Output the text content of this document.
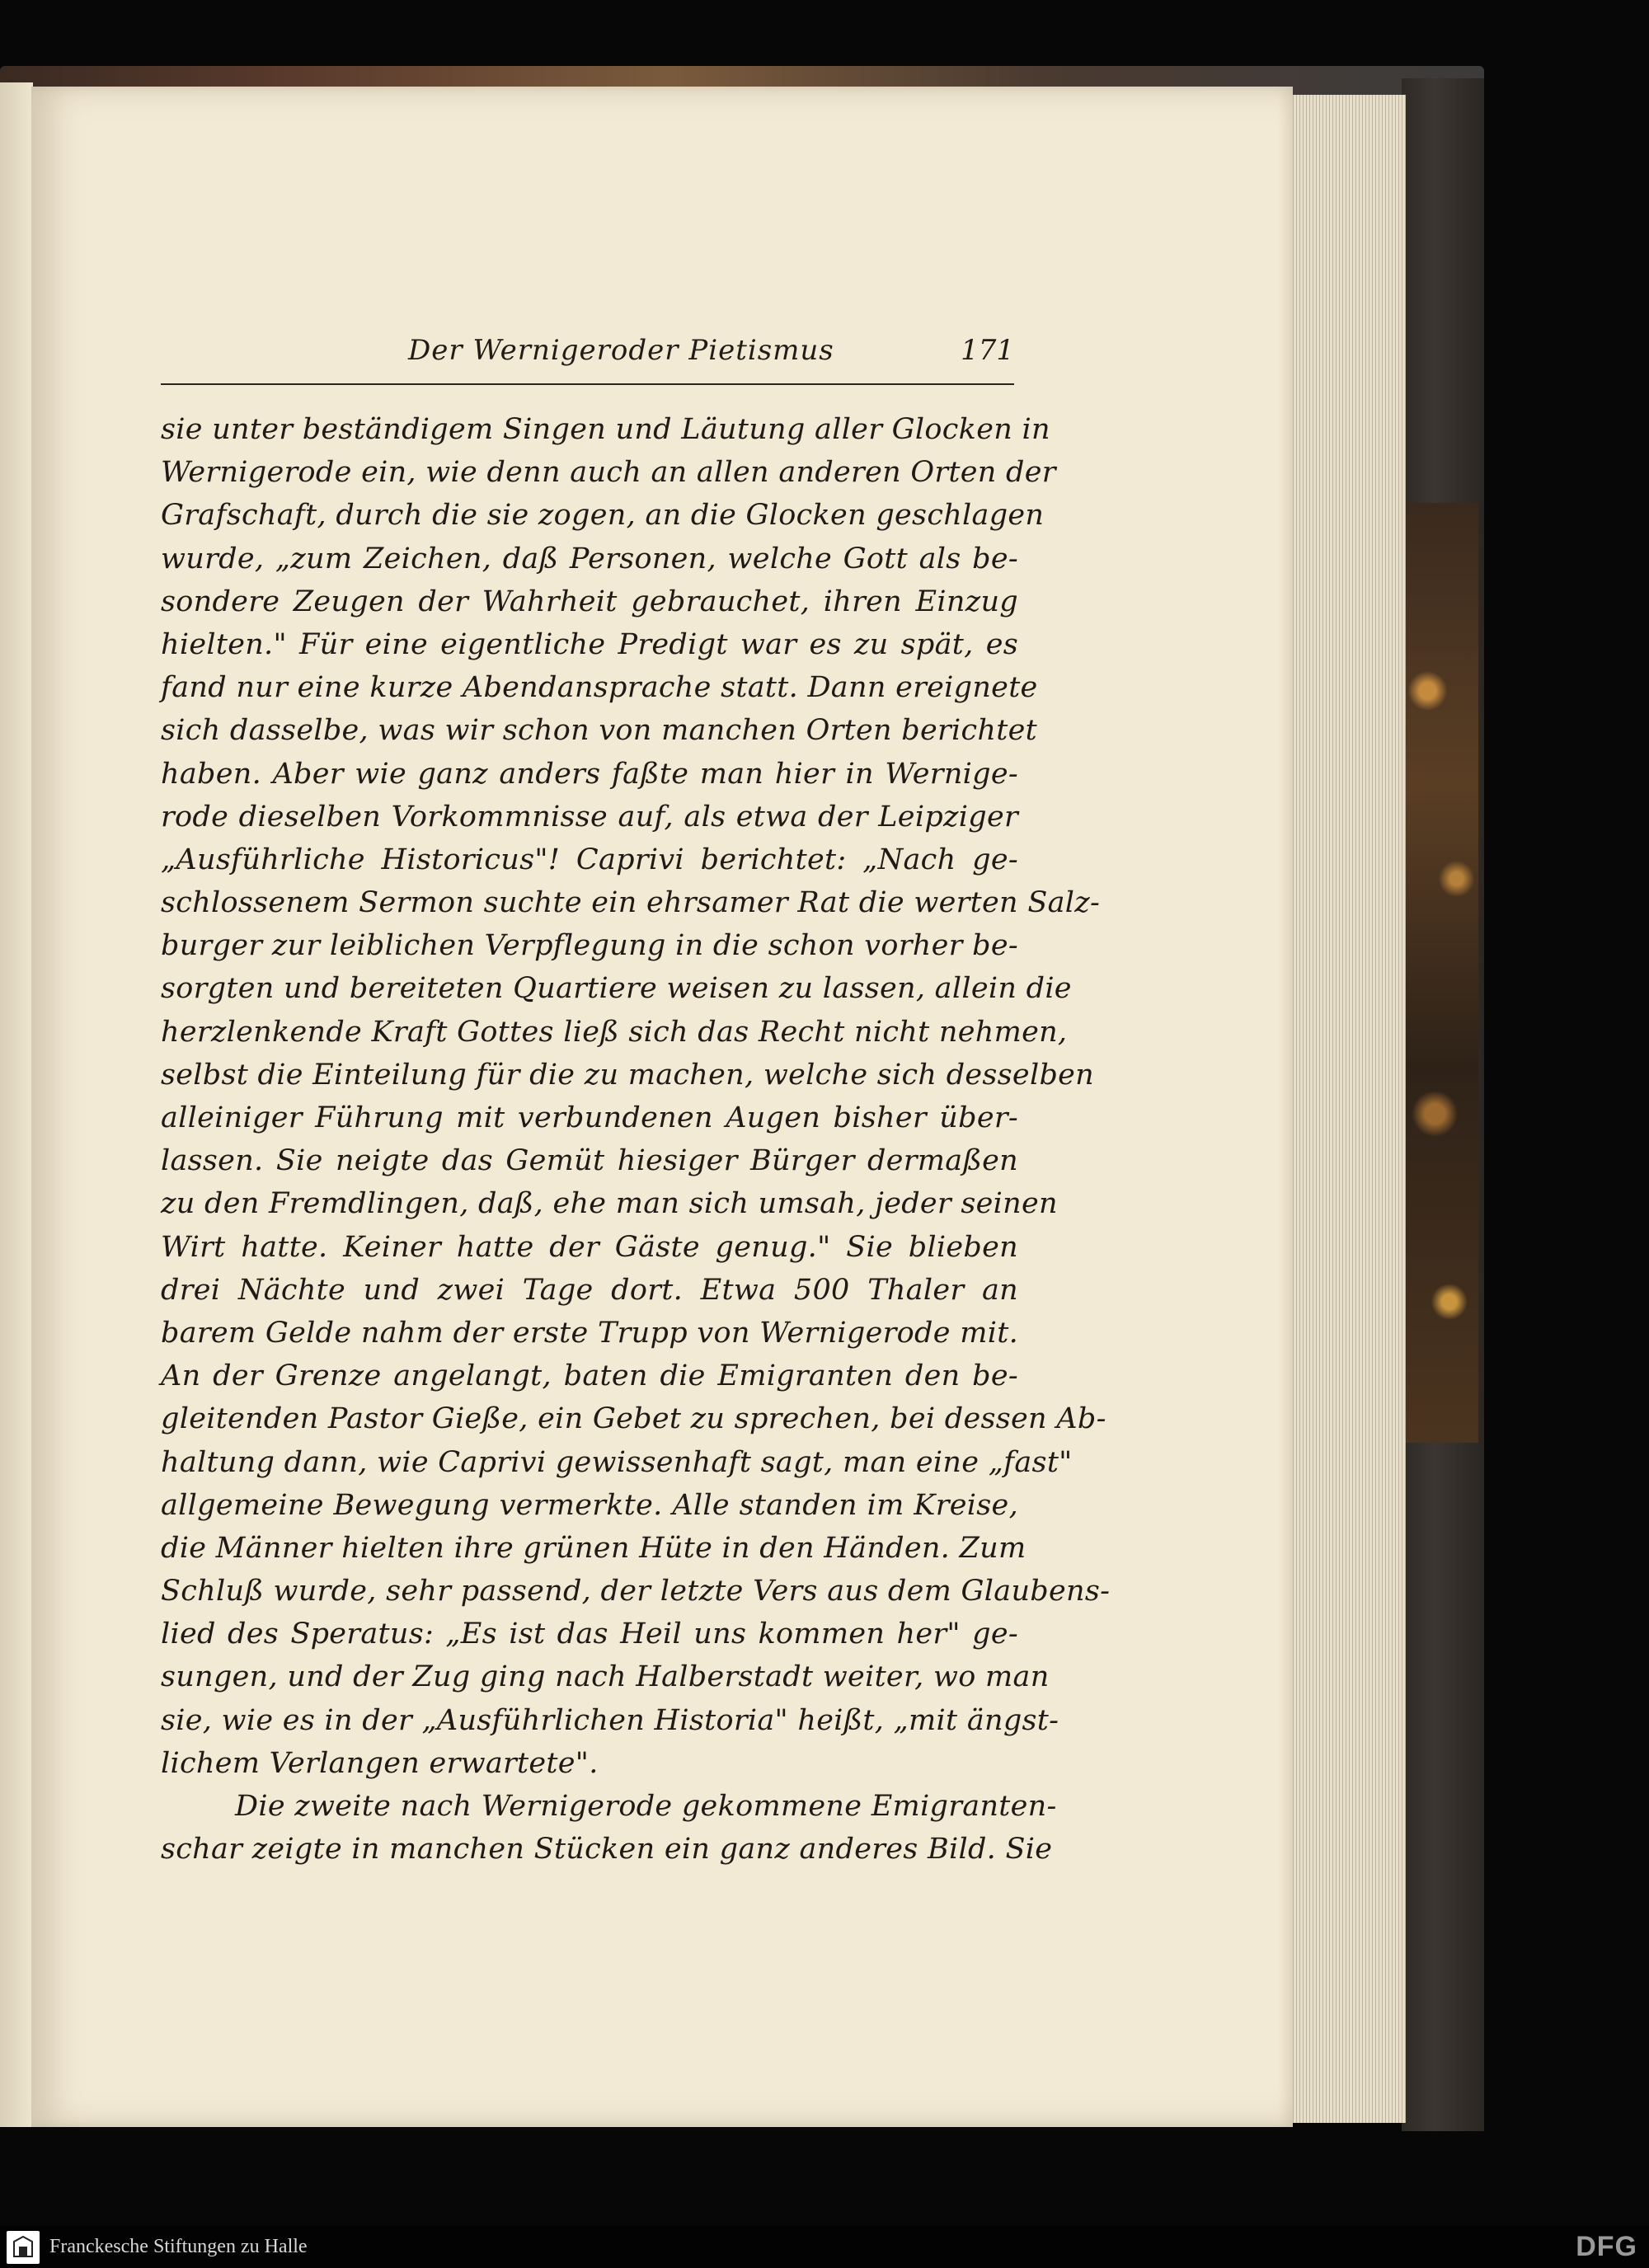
Der Wernigeroder Pietismus	171
sie unter beständigem Singen und Läutung aller Glocken in
Wernigerode ein, wie denn auch an allen anderen Orten der
Grafschaft, durch die sie zogen, an die Glocken geschlagen
wurde, „zum Zeichen, daß Personen, welche Gott als be-
sondere Zeugen der Wahrheit gebrauchet, ihren Einzug
hielten." Für eine eigentliche Predigt war es zu spät, es
fand nur eine kurze Abendansprache statt. Dann ereignete
sich dasselbe, was wir schon von manchen Orten berichtet
haben. Aber wie ganz anders faßte man hier in Wernige-
rode dieselben Vorkommnisse auf, als etwa der Leipziger
„Ausführliche Historicus"! Caprivi berichtet: „Nach ge-
schlossenem Sermon suchte ein ehrsamer Rat die werten Salz-
burger zur leiblichen Verpflegung in die schon vorher be-
sorgten und bereiteten Quartiere weisen zu lassen, allein die
herzlenkende Kraft Gottes ließ sich das Recht nicht nehmen,
selbst die Einteilung für die zu machen, welche sich desselben
alleiniger Führung mit verbundenen Augen bisher über-
lassen. Sie neigte das Gemüt hiesiger Bürger dermaßen
zu den Fremdlingen, daß, ehe man sich umsah, jeder seinen
Wirt hatte. Keiner hatte der Gäste genug." Sie blieben
drei Nächte und zwei Tage dort. Etwa 500 Thaler an
barem Gelde nahm der erste Trupp von Wernigerode mit.
An der Grenze angelangt, baten die Emigranten den be-
gleitenden Pastor Gieße, ein Gebet zu sprechen, bei dessen Ab-
haltung dann, wie Caprivi gewissenhaft sagt, man eine „fast"
allgemeine Bewegung vermerkte. Alle standen im Kreise,
die Männer hielten ihre grünen Hüte in den Händen. Zum
Schluß wurde, sehr passend, der letzte Vers aus dem Glaubens-
lied des Speratus: „Es ist das Heil uns kommen her" ge-
sungen, und der Zug ging nach Halberstadt weiter, wo man
sie, wie es in der „Ausführlichen Historia" heißt, „mit ängst-
lichem Verlangen erwartete".
Die zweite nach Wernigerode gekommene Emigranten-
schar zeigte in manchen Stücken ein ganz anderes Bild. Sie
Franckesche Stiftungen zu Halle	DFG
